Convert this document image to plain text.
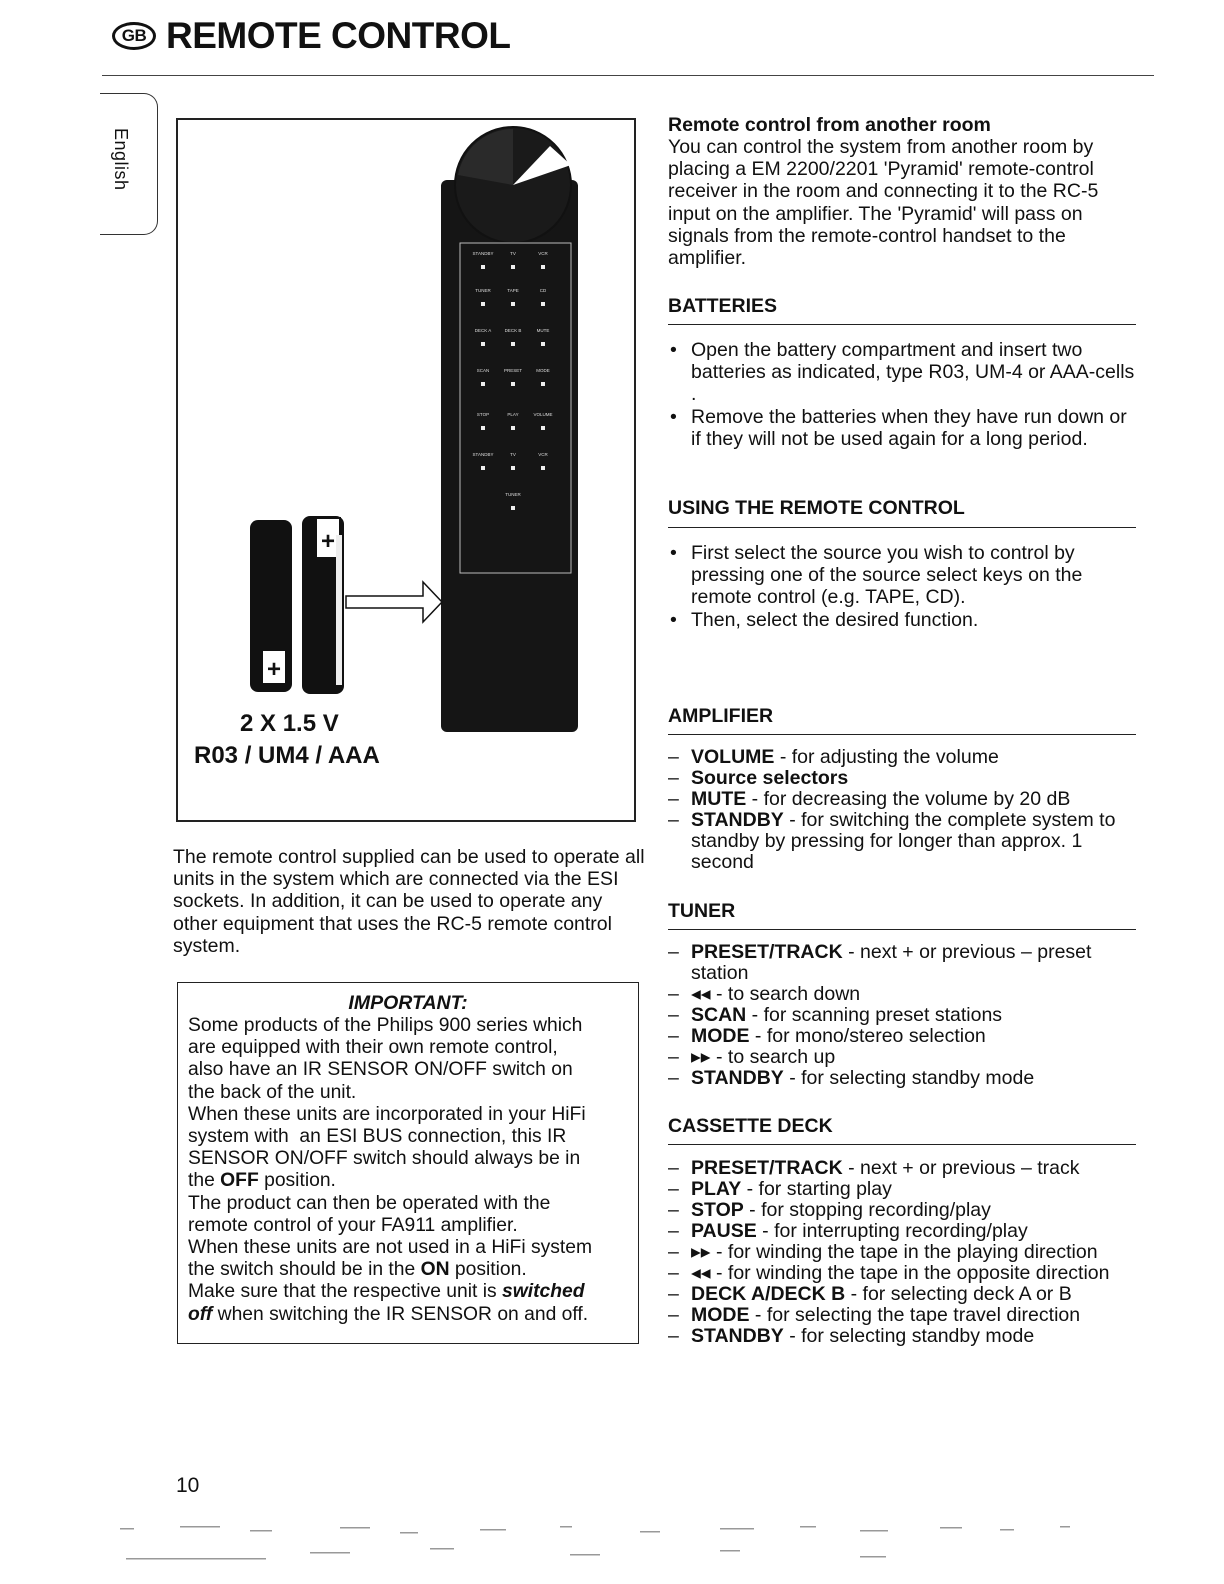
GB REMOTE CONTROL
English
STANDBY	TV	VCR
TUNER	TAPE	CD
DECK A	DECK B	MUTE
SCAN	PRESET	MODE
STOP	PLAY	VOLUME
STANDBY	TV	VCR
TUNER
+
+
2 X 1.5 V
R03 / UM4 / AAA
The remote control supplied can be used to operate all units in the system which are connected via the ESI sockets. In addition, it can be used to operate any other equipment that uses the RC-5 remote control system.
IMPORTANT:
Some products of the Philips 900 series which
are equipped with their own remote control,
also have an IR SENSOR ON/OFF switch on
the back of the unit.
When these units are incorporated in your HiFi
system with  an ESI BUS connection, this IR
SENSOR ON/OFF switch should always be in
the OFF position.
The product can then be operated with the
remote control of your FA911 amplifier.
When these units are not used in a HiFi system
the switch should be in the ON position.
Make sure that the respective unit is switched
off when switching the IR SENSOR on and off.
Remote control from another room
You can control the system from another room by placing a EM 2200/2201 'Pyramid' remote-control receiver in the room and connecting it to the RC-5 input on the amplifier. The 'Pyramid' will pass on signals from the remote-control handset to the amplifier.
BATTERIES
• Open the battery compartment and insert two batteries as indicated, type R03, UM-4 or AAA-cells .
• Remove the batteries when they have run down or if they will not be used again for a long period.
USING THE REMOTE CONTROL
• First select the source you wish to control by pressing one of the source select keys on the remote control (e.g. TAPE, CD).
• Then, select the desired function.
AMPLIFIER
– VOLUME - for adjusting the volume
– Source selectors
– MUTE - for decreasing the volume by 20 dB
– STANDBY - for switching the complete system to standby by pressing for longer than approx. 1 second
TUNER
– PRESET/TRACK - next + or previous – preset station
– ◂◂ - to search down
– SCAN - for scanning preset stations
– MODE - for mono/stereo selection
– ▸▸ - to search up
– STANDBY - for selecting standby mode
CASSETTE DECK
– PRESET/TRACK - next + or previous – track
– PLAY - for starting play
– STOP - for stopping recording/play
– PAUSE - for interrupting recording/play
– ▸▸ - for winding the tape in the playing direction
– ◂◂ - for winding the tape in the opposite direction
– DECK A/DECK B - for selecting deck A or B
– MODE - for selecting the tape travel direction
– STANDBY - for selecting standby mode
10
